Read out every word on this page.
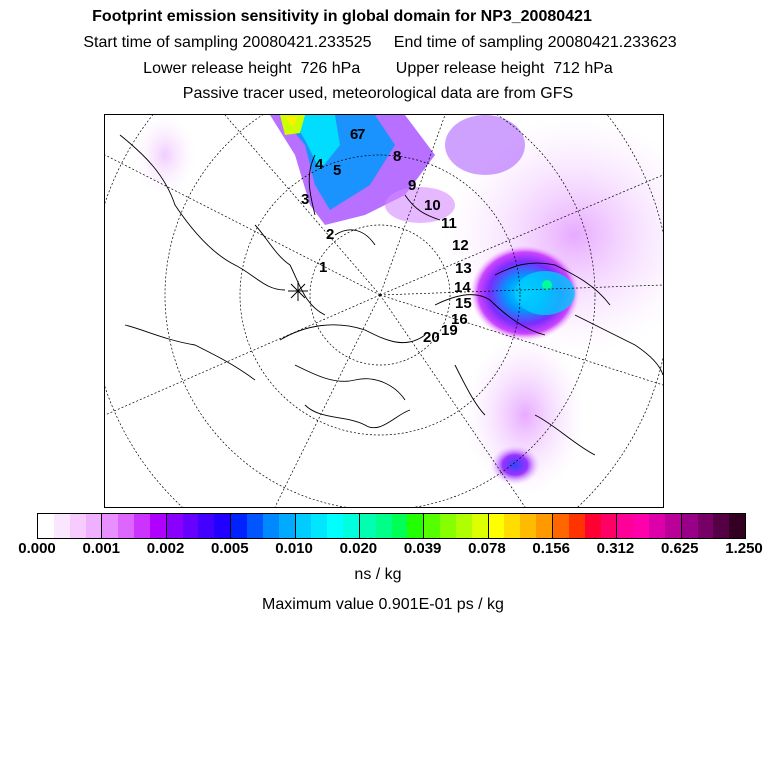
Footprint emission sensitivity in global domain for NP3_20080421
Start time of sampling 20080421.233525     End time of sampling 20080421.233623
Lower release height  726 hPa        Upper release height  712 hPa
Passive tracer used, meteorological data are from GFS
1
2
3
4 5
6
7
8
9
10
11
12
13
14
15
16
19
20
0.000 0.001 0.002 0.005 0.010 0.020 0.039 0.078 0.156 0.312 0.625 1.250
ns / kg
Maximum value 0.901E-01 ps / kg
